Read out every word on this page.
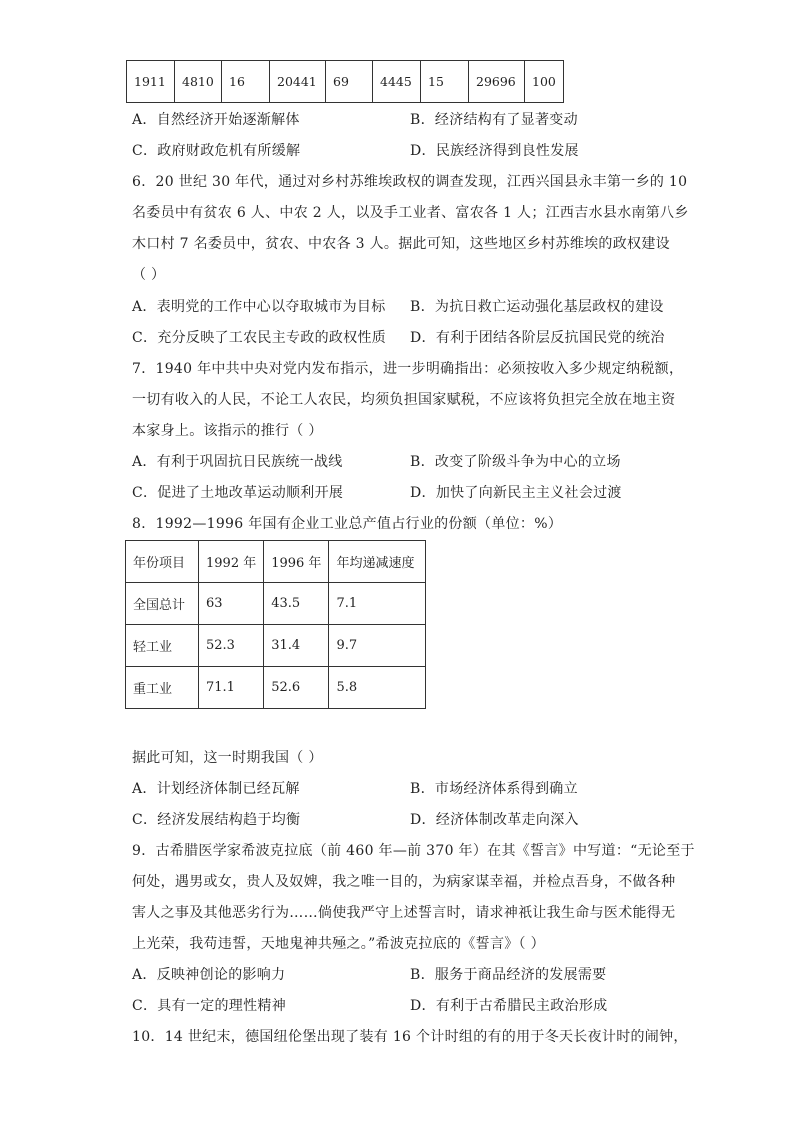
1911	4810	16	20441	69	4445	15	29696	100
A．自然经济开始逐渐解体	B．经济结构有了显著变动
C．政府财政危机有所缓解	D．民族经济得到良性发展
6．20 世纪 30 年代，通过对乡村苏维埃政权的调查发现，江西兴国县永丰第一乡的 10
名委员中有贫农 6 人、中农 2 人，以及手工业者、富农各 1 人；江西吉水县水南第八乡
木口村 7 名委员中，贫农、中农各 3 人。据此可知，这些地区乡村苏维埃的政权建设
（ ）
A．表明党的工作中心以夺取城市为目标 B．为抗日救亡运动强化基层政权的建设
C．充分反映了工农民主专政的政权性质 D．有利于团结各阶层反抗国民党的统治
7．1940 年中共中央对党内发布指示，进一步明确指出：必须按收入多少规定纳税额，
一切有收入的人民，不论工人农民，均须负担国家赋税，不应该将负担完全放在地主资
本家身上。该指示的推行（ ）
A．有利于巩固抗日民族统一战线	B．改变了阶级斗争为中心的立场
C．促进了土地改革运动顺利开展	D．加快了向新民主主义社会过渡
8．1992—1996 年国有企业工业总产值占行业的份额（单位：%）
年份项目	1992 年	1996 年	年均递减速度
全国总计	63	43.5	7.1
轻工业	52.3	31.4	9.7
重工业	71.1	52.6	5.8
据此可知，这一时期我国（ ）
A．计划经济体制已经瓦解	B．市场经济体系得到确立
C．经济发展结构趋于均衡	D．经济体制改革走向深入
9．古希腊医学家希波克拉底（前 460 年—前 370 年）在其《誓言》中写道：“无论至于
何处，遇男或女，贵人及奴婢，我之唯一目的，为病家谋幸福，并检点吾身，不做各种
害人之事及其他恶劣行为……倘使我严守上述誓言时，请求神祇让我生命与医术能得无
上光荣，我苟违誓，天地鬼神共殛之。”希波克拉底的《誓言》（ ）
A．反映神创论的影响力	B．服务于商品经济的发展需要
C．具有一定的理性精神	D．有利于古希腊民主政治形成
10．14 世纪末，德国纽伦堡出现了装有 16 个计时组的有的用于冬天长夜计时的闹钟，
